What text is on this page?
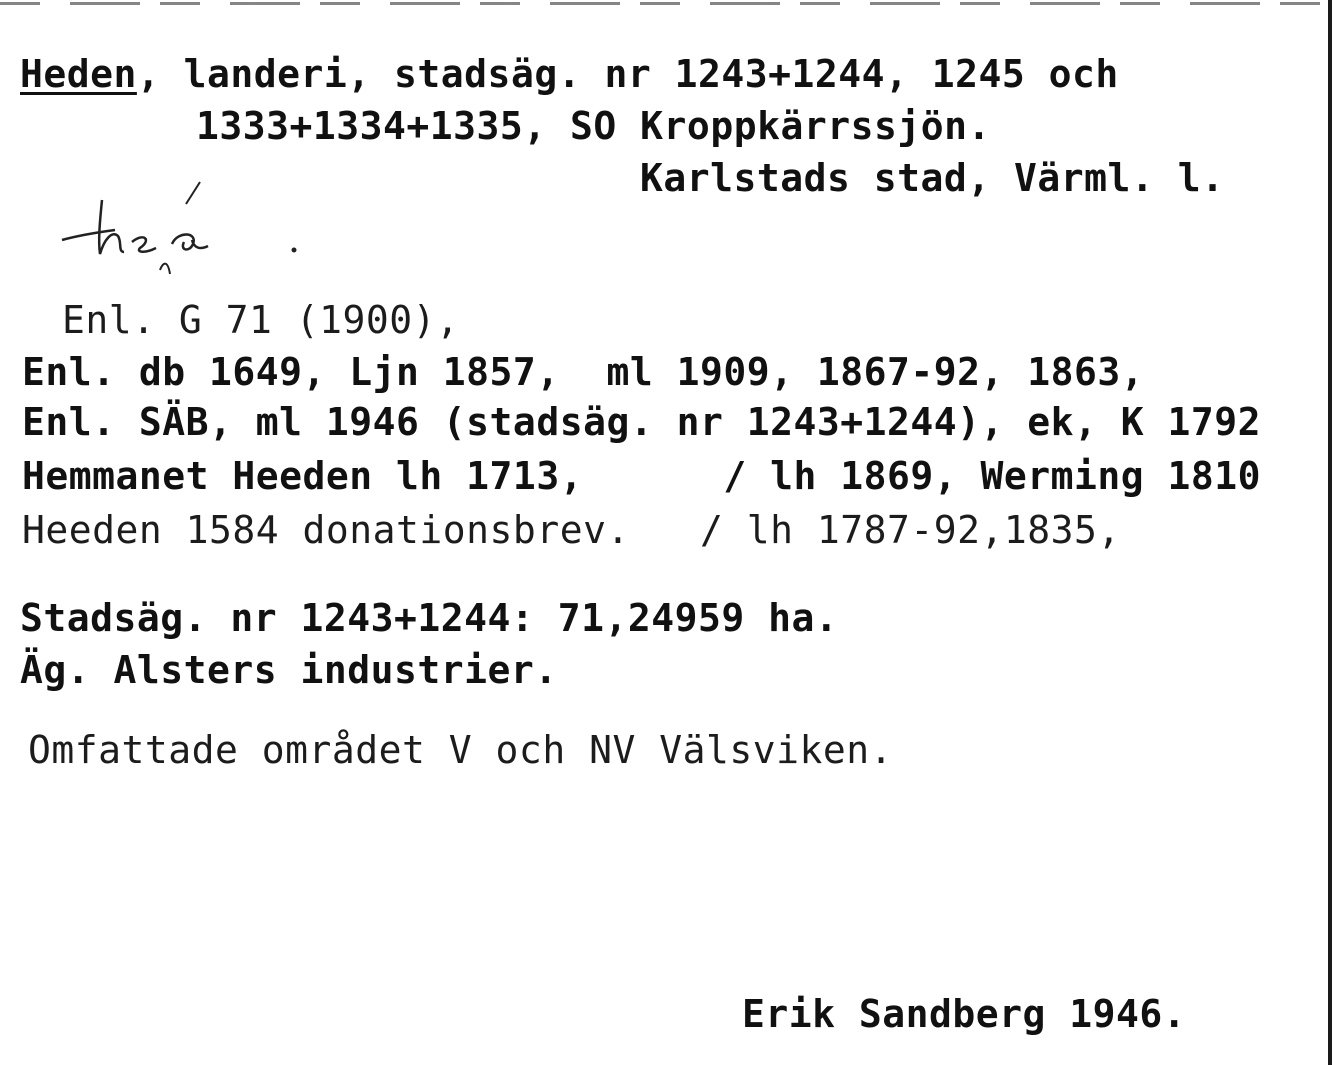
Heden, landeri, stadsäg. nr 1243+1244, 1245 och
1333+1334+1335, SO Kroppkärrssjön.
Karlstads stad, Värml. l.
Enl. G 71 (1900),
Enl. db 1649, Ljn 1857,  ml 1909, 1867-92, 1863,
Enl. SÄB, ml 1946 (stadsäg. nr 1243+1244), ek, K 1792
Hemmanet Heeden lh 1713,      / lh 1869, Werming 1810
Heeden 1584 donationsbrev.   / lh 1787-92,1835,
Stadsäg. nr 1243+1244: 71,24959 ha.
Äg. Alsters industrier.
Omfattade området V och NV Välsviken.
Erik Sandberg 1946.
